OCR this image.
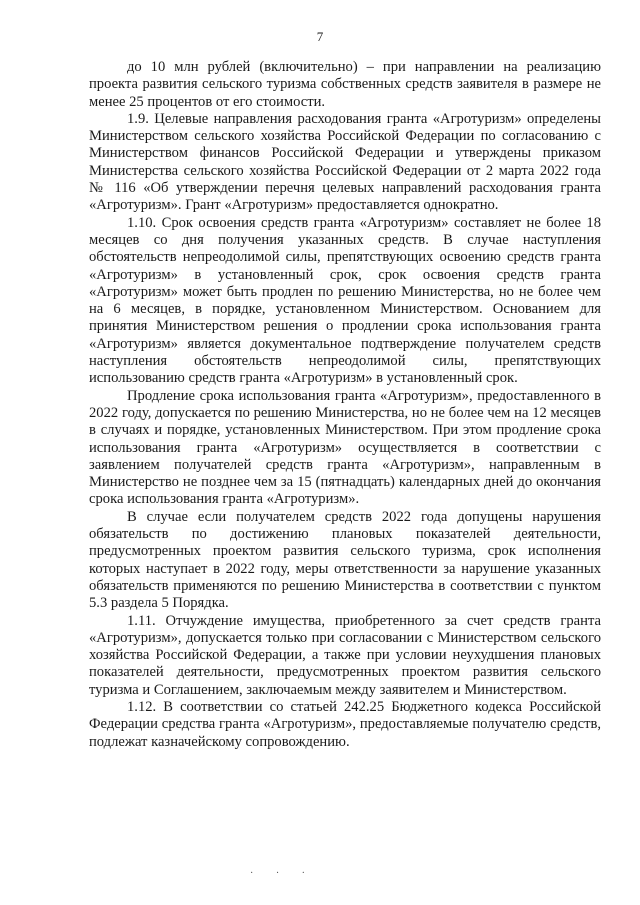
7

до 10 млн рублей (включительно) – при направлении на реализацию проекта развития сельского туризма собственных средств заявителя в размере не менее 25 процентов от его стоимости.

1.9. Целевые направления расходования гранта «Агротуризм» определены Министерством сельского хозяйства Российской Федерации по согласованию с Министерством финансов Российской Федерации и утверждены приказом Министерства сельского хозяйства Российской Федерации от 2 марта 2022 года № 116 «Об утверждении перечня целевых направлений расходования гранта «Агротуризм». Грант «Агротуризм» предоставляется однократно.

1.10. Срок освоения средств гранта «Агротуризм» составляет не более 18 месяцев со дня получения указанных средств. В случае наступления обстоятельств непреодолимой силы, препятствующих освоению средств гранта «Агротуризм» в установленный срок, срок освоения средств гранта «Агротуризм» может быть продлен по решению Министерства, но не более чем на 6 месяцев, в порядке, установленном Министерством. Основанием для принятия Министерством решения о продлении срока использования гранта «Агротуризм» является документальное подтверждение получателем средств наступления обстоятельств непреодолимой силы, препятствующих использованию средств гранта «Агротуризм» в установленный срок.

Продление срока использования гранта «Агротуризм», предоставленного в 2022 году, допускается по решению Министерства, но не более чем на 12 месяцев в случаях и порядке, установленных Министерством. При этом продление срока использования гранта «Агротуризм» осуществляется в соответствии с заявлением получателей средств гранта «Агротуризм», направленным в Министерство не позднее чем за 15 (пятнадцать) календарных дней до окончания срока использования гранта «Агротуризм».

В случае если получателем средств 2022 года допущены нарушения обязательств по достижению плановых показателей деятельности, предусмотренных проектом развития сельского туризма, срок исполнения которых наступает в 2022 году, меры ответственности за нарушение указанных обязательств применяются по решению Министерства в соответствии с пунктом 5.3 раздела 5 Порядка.

1.11. Отчуждение имущества, приобретенного за счет средств гранта «Агротуризм», допускается только при согласовании с Министерством сельского хозяйства Российской Федерации, а также при условии неухудшения плановых показателей деятельности, предусмотренных проектом развития сельского туризма и Соглашением, заключаемым между заявителем и Министерством.

1.12. В соответствии со статьей 242.25 Бюджетного кодекса Российской Федерации средства гранта «Агротуризм», предоставляемые получателю средств, подлежат казначейскому сопровождению.

· · ·
